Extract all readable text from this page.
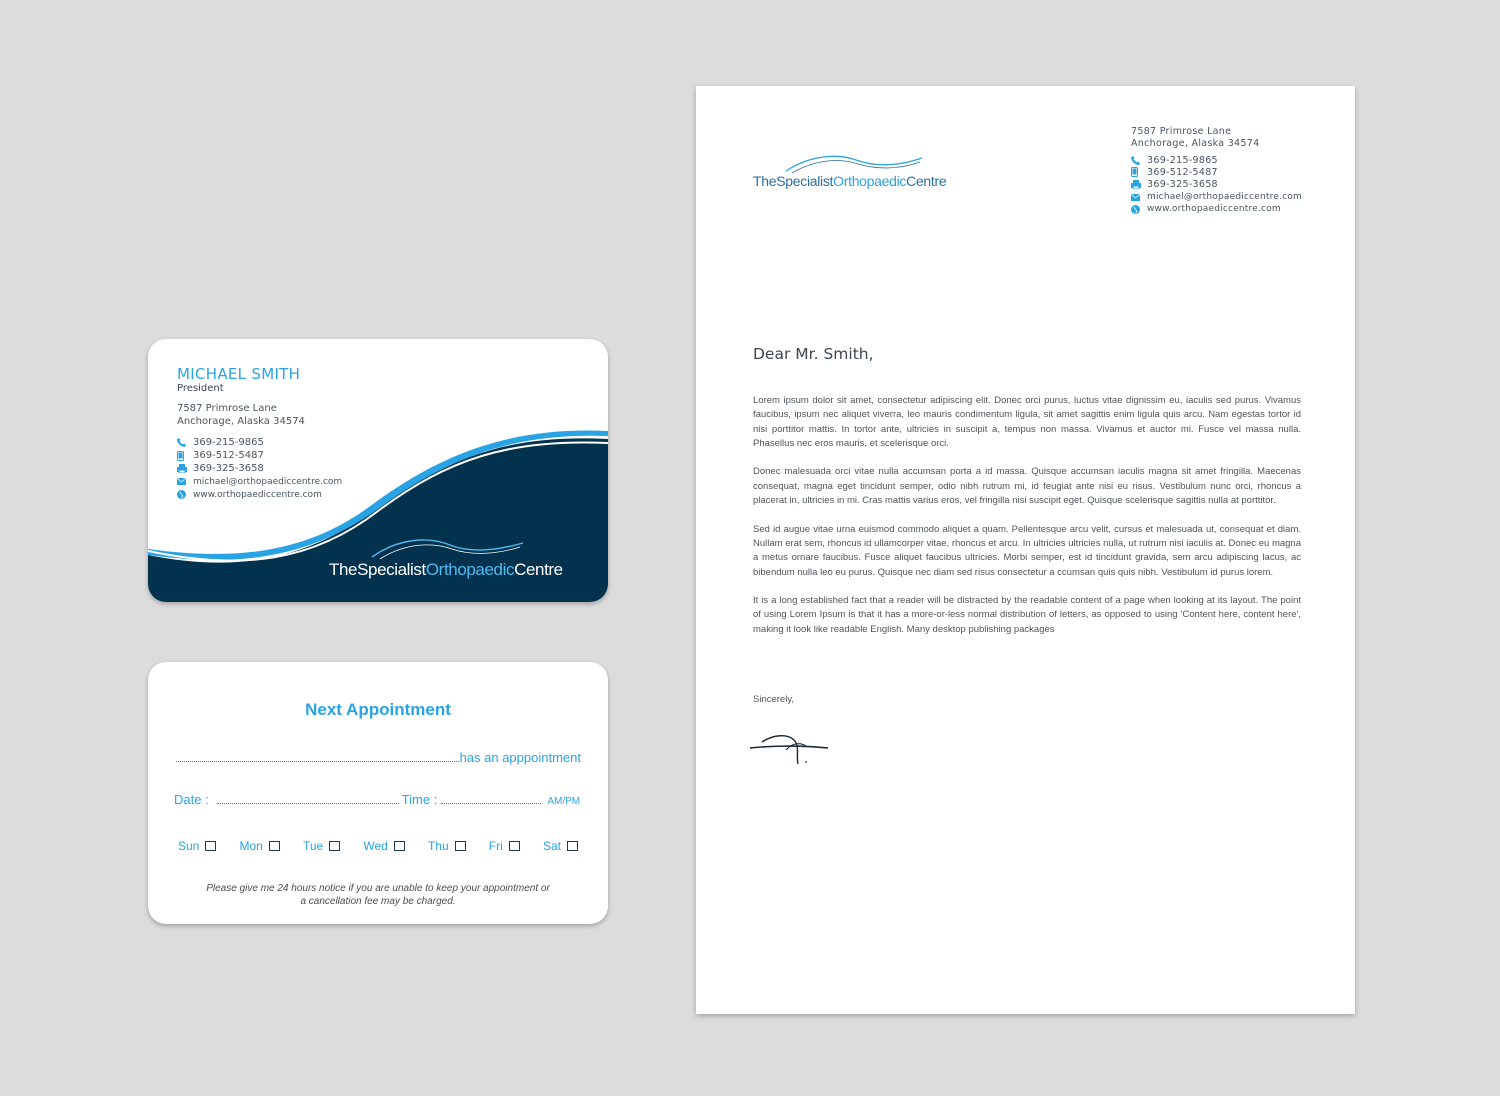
MICHAEL SMITH
President
7587 Primrose Lane
Anchorage, Alaska 34574
369-215-9865
369-512-5487
369-325-3658
michael@orthopaediccentre.com
www.orthopaediccentre.com
TheSpecialistOrthopaedicCentre
Next Appointment
has an apppointment
Date :	Time :	AM/PM
Sun	Mon	Tue	Wed	Thu	Fri	Sat
Please give me 24 hours notice if you are unable to keep your appointment or
a cancellation fee may be charged.
TheSpecialistOrthopaedicCentre
7587 Primrose Lane
Anchorage, Alaska 34574
369-215-9865
369-512-5487
369-325-3658
michael@orthopaediccentre.com
www.orthopaediccentre.com
Dear Mr. Smith,

Lorem ipsum dolor sit amet, consectetur adipiscing elit. Donec orci purus, luctus vitae dignissim eu, iaculis sed purus. Vivamus faucibus, ipsum nec aliquet viverra, leo mauris condimentum ligula, sit amet sagittis enim ligula quis arcu. Nam egestas tortor id nisi porttitor mattis. In tortor ante, ultricies in suscipit a, tempus non massa. Vivamus et auctor mi. Fusce vel massa nulla. Phasellus nec eros mauris, et scelerisque orci.

Donec malesuada orci vitae nulla accumsan porta a id massa. Quisque accumsan iaculis magna sit amet fringilla. Maecenas consequat, magna eget tincidunt semper, odio nibh rutrum mi, id feugiat ante nisi eu risus. Vestibulum nunc orci, rhoncus a placerat in, ultricies in mi. Cras mattis varius eros, vel fringilla nisi suscipit eget. Quisque scelerisque sagittis nulla at porttitor.

Sed id augue vitae urna euismod commodo aliquet a quam. Pellentesque arcu velit, cursus et malesuada ut, consequat et diam. Nullam erat sem, rhoncus id ullamcorper vitae, rhoncus et arcu. In ultricies ultricies nulla, ut rutrum nisi iaculis at. Donec eu magna a metus ornare faucibus. Fusce aliquet faucibus ultricies. Morbi semper, est id tincidunt gravida, sem arcu adipiscing lacus, ac bibendum nulla leo eu purus. Quisque nec diam sed risus consectetur a ccumsan quis quis nibh. Vestibulum id purus lorem.

It is a long established fact that a reader will be distracted by the readable content of a page when looking at its layout. The point of using Lorem Ipsum is that it has a more-or-less normal distribution of letters, as opposed to using 'Content here, content here', making it look like readable English. Many desktop publishing packages

Sincerely,
